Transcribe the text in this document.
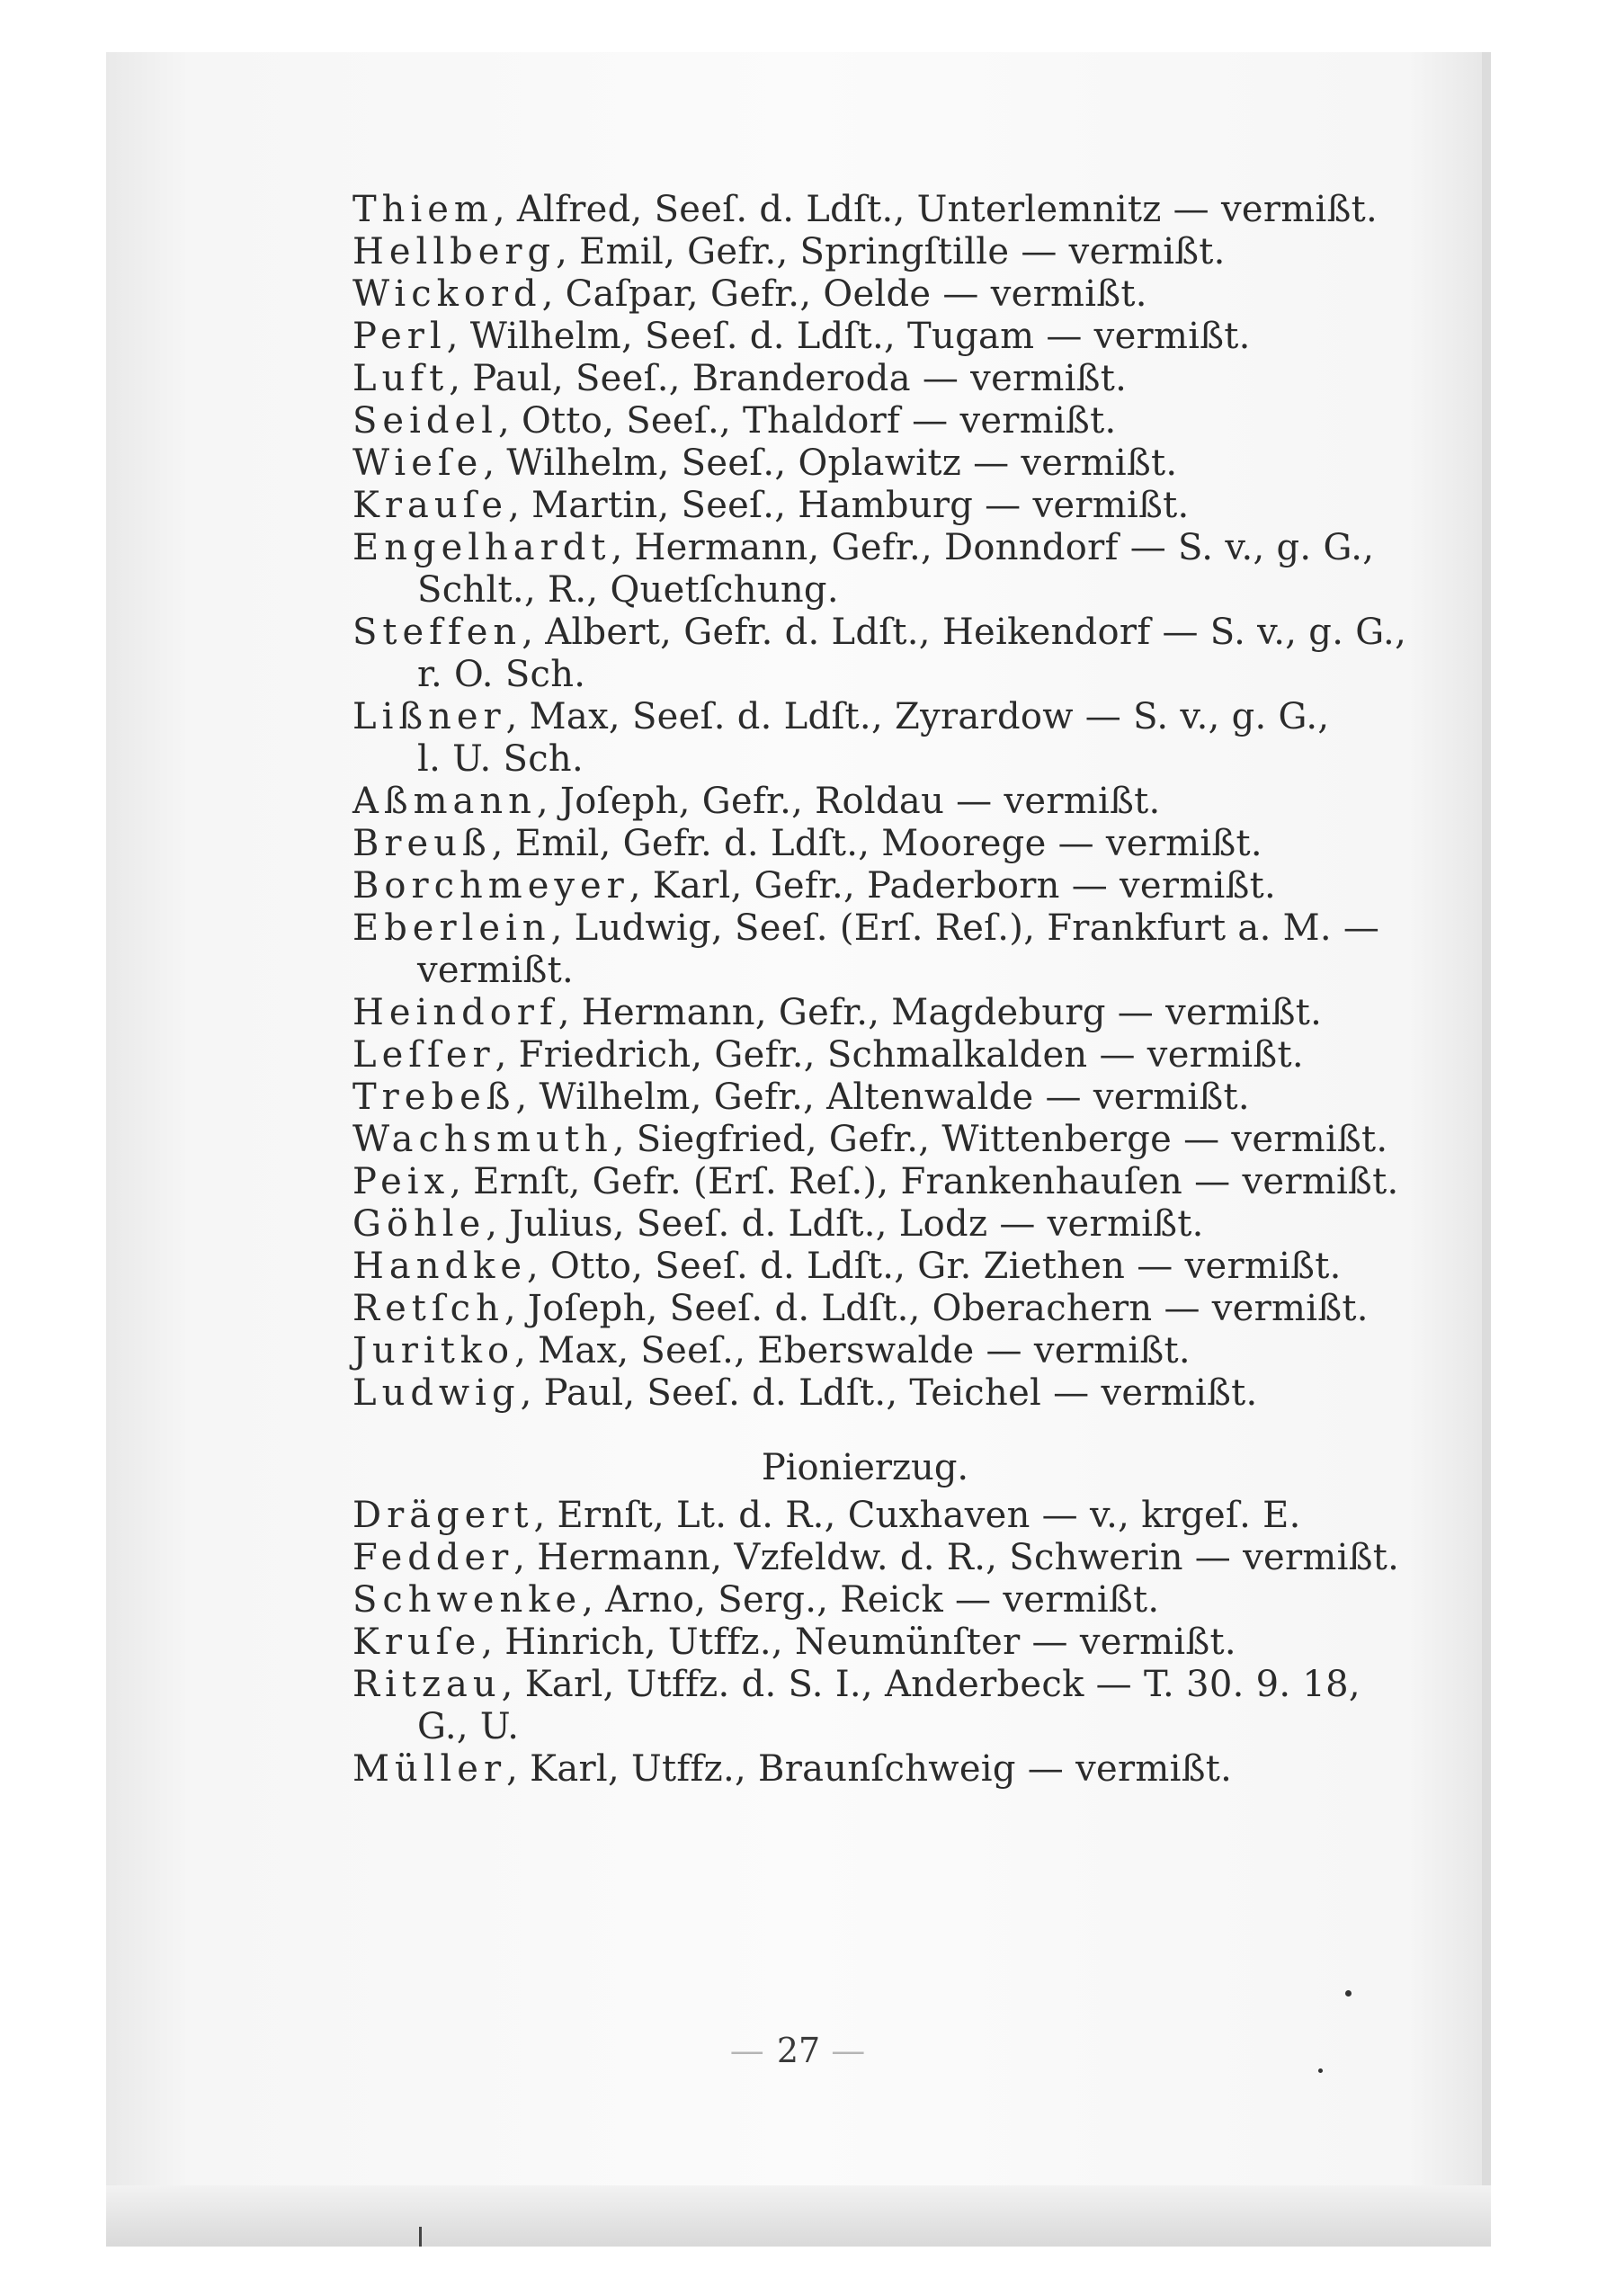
Thiem, Alfred, Seeſ. d. Ldſt., Unterlemnitz — vermißt.
Hellberg, Emil, Gefr., Springſtille — vermißt.
Wickord, Caſpar, Gefr., Oelde — vermißt.
Perl, Wilhelm, Seeſ. d. Ldſt., Tugam — vermißt.
Luft, Paul, Seeſ., Branderoda — vermißt.
Seidel, Otto, Seeſ., Thaldorf — vermißt.
Wieſe, Wilhelm, Seeſ., Oplawitz — vermißt.
Krauſe, Martin, Seeſ., Hamburg — vermißt.
Engelhardt, Hermann, Gefr., Donndorf — S. v., g. G.,
Schlt., R., Quetſchung.
Steffen, Albert, Gefr. d. Ldſt., Heikendorf — S. v., g. G.,
r. O. Sch.
Lißner, Max, Seeſ. d. Ldſt., Zyrardow — S. v., g. G.,
l. U. Sch.
Aßmann, Joſeph, Gefr., Roldau — vermißt.
Breuß, Emil, Gefr. d. Ldſt., Moorege — vermißt.
Borchmeyer, Karl, Gefr., Paderborn — vermißt.
Eberlein, Ludwig, Seeſ. (Erſ. Reſ.), Frankfurt a. M. —
vermißt.
Heindorf, Hermann, Gefr., Magdeburg — vermißt.
Leſſer, Friedrich, Gefr., Schmalkalden — vermißt.
Trebeß, Wilhelm, Gefr., Altenwalde — vermißt.
Wachsmuth, Siegfried, Gefr., Wittenberge — vermißt.
Peix, Ernſt, Gefr. (Erſ. Reſ.), Frankenhauſen — vermißt.
Göhle, Julius, Seeſ. d. Ldſt., Lodz — vermißt.
Handke, Otto, Seeſ. d. Ldſt., Gr. Ziethen — vermißt.
Retſch, Joſeph, Seeſ. d. Ldſt., Oberachern — vermißt.
Juritko, Max, Seeſ., Eberswalde — vermißt.
Ludwig, Paul, Seeſ. d. Ldſt., Teichel — vermißt.
Pionierzug.
Drägert, Ernſt, Lt. d. R., Cuxhaven — v., krgeſ. E.
Fedder, Hermann, Vzfeldw. d. R., Schwerin — vermißt.
Schwenke, Arno, Serg., Reick — vermißt.
Kruſe, Hinrich, Utffz., Neumünſter — vermißt.
Ritzau, Karl, Utffz. d. S. I., Anderbeck — T. 30. 9. 18,
G., U.
Müller, Karl, Utffz., Braunſchweig — vermißt.
— 27 —
